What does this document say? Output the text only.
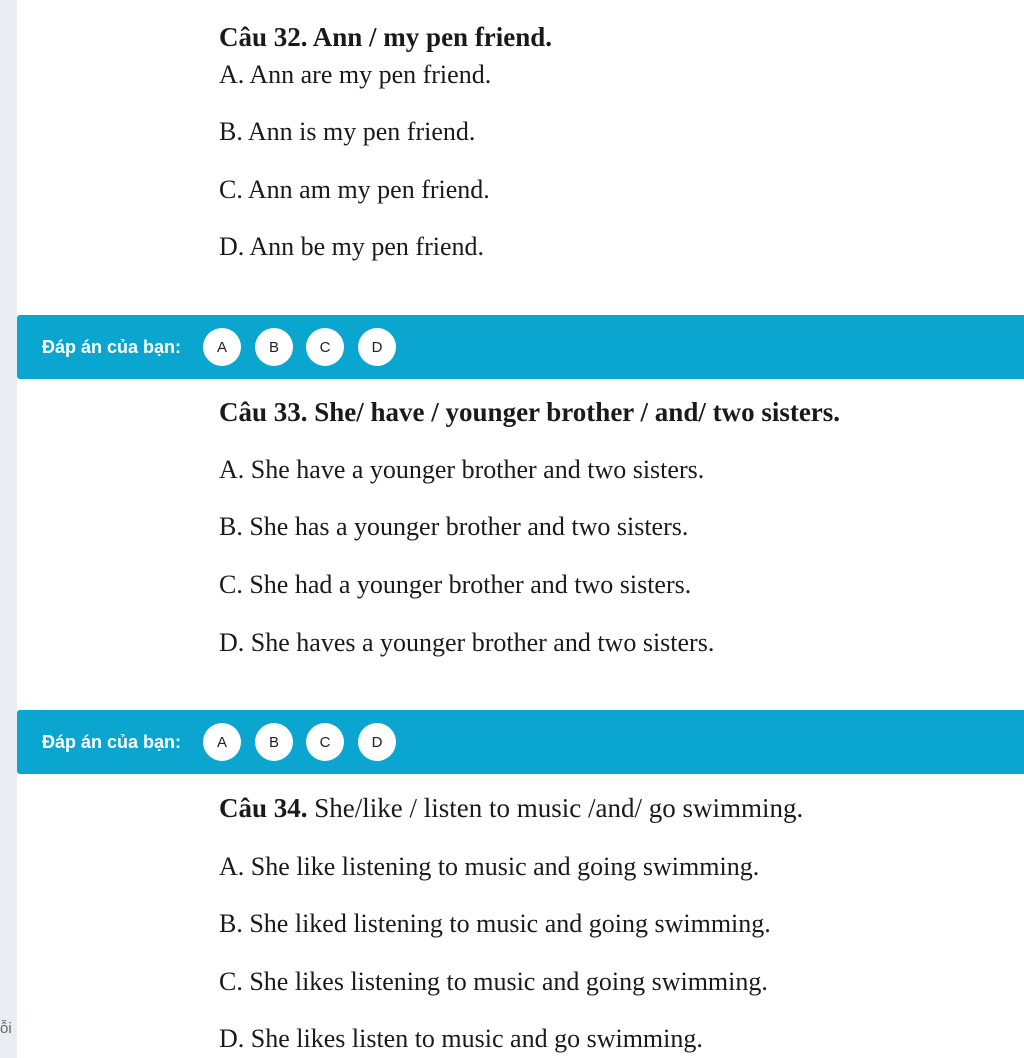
ỗi
Câu 32. Ann / my pen friend.
A. Ann are my pen friend.
B. Ann is my pen friend.
C. Ann am my pen friend.
D. Ann be my pen friend.
Đáp án của bạn:	A	B	C	D
Câu 33. She/ have / younger brother / and/ two sisters.
A. She have a younger brother and two sisters.
B. She has a younger brother and two sisters.
C. She had a younger brother and two sisters.
D. She haves a younger brother and two sisters.
Đáp án của bạn:	A	B	C	D
Câu 34. She/like / listen to music /and/ go swimming.
A. She like listening to music and going swimming.
B. She liked listening to music and going swimming.
C. She likes listening to music and going swimming.
D. She likes listen to music and go swimming.
